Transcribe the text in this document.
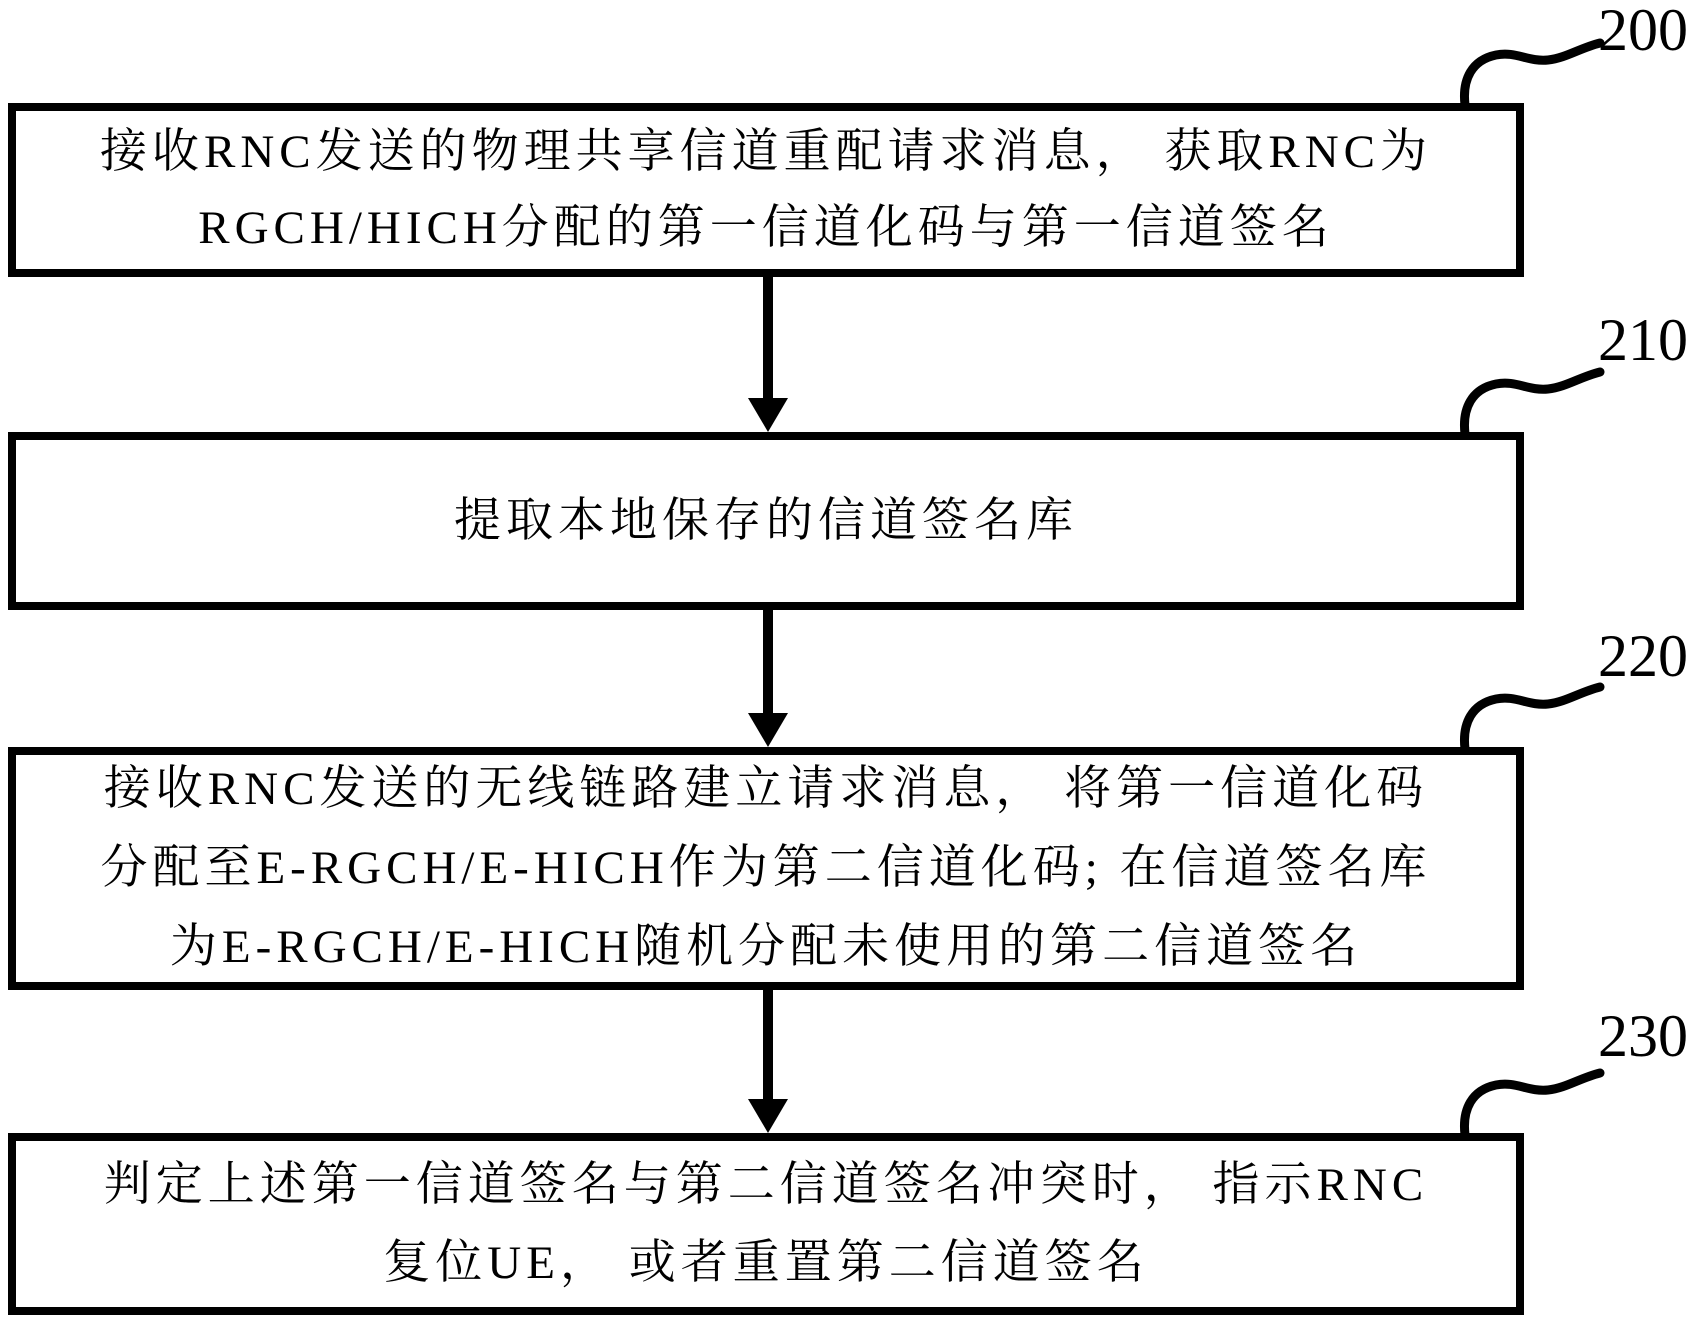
200
210
220
230
接收RNC发送的物理共享信道重配请求消息， 获取RNC为
RGCH/HICH分配的第一信道化码与第一信道签名
提取本地保存的信道签名库
接收RNC发送的无线链路建立请求消息， 将第一信道化码
分配至E-RGCH/E-HICH作为第二信道化码; 在信道签名库
为E-RGCH/E-HICH随机分配未使用的第二信道签名
判定上述第一信道签名与第二信道签名冲突时， 指示RNC
复位UE， 或者重置第二信道签名
